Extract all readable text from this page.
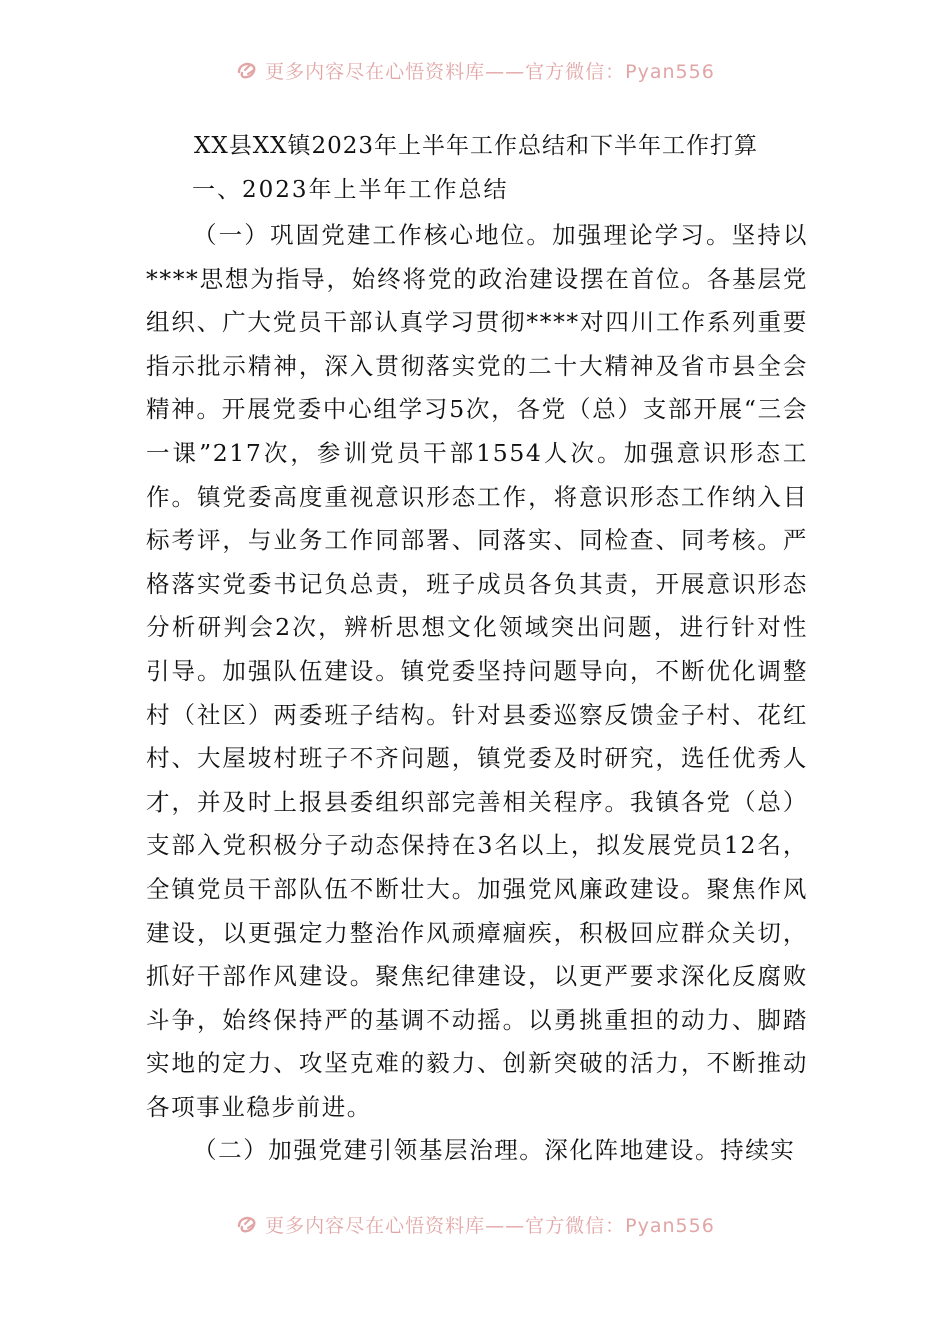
更多内容尽在心悟资料库——官方微信：Pyan556
XX县XX镇2023年上半年工作总结和下半年工作打算
一、2023年上半年工作总结

（一）巩固党建工作核心地位。加强理论学习。坚持以****思想为指导，始终将党的政治建设摆在首位。各基层党组织、广大党员干部认真学习贯彻****对四川工作系列重要指示批示精神，深入贯彻落实党的二十大精神及省市县全会精神。开展党委中心组学习5次，各党（总）支部开展“三会一课”217次，参训党员干部1554人次。加强意识形态工作。镇党委高度重视意识形态工作，将意识形态工作纳入目标考评，与业务工作同部署、同落实、同检查、同考核。严格落实党委书记负总责，班子成员各负其责，开展意识形态分析研判会2次，辨析思想文化领域突出问题，进行针对性引导。加强队伍建设。镇党委坚持问题导向，不断优化调整村（社区）两委班子结构。针对县委巡察反馈金子村、花红村、大屋坡村班子不齐问题，镇党委及时研究，选任优秀人才，并及时上报县委组织部完善相关程序。我镇各党（总）支部入党积极分子动态保持在3名以上，拟发展党员12名，全镇党员干部队伍不断壮大。加强党风廉政建设。聚焦作风建设，以更强定力整治作风顽瘴痼疾，积极回应群众关切，抓好干部作风建设。聚焦纪律建设，以更严要求深化反腐败斗争，始终保持严的基调不动摇。以勇挑重担的动力、脚踏实地的定力、攻坚克难的毅力、创新突破的活力，不断推动各项事业稳步前进。

（二）加强党建引领基层治理。深化阵地建设。持续实

更多内容尽在心悟资料库——官方微信：Pyan556
